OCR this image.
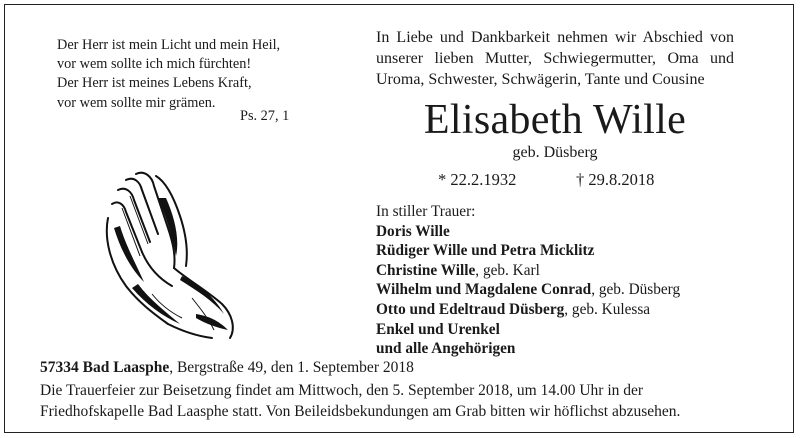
Der Herr ist mein Licht und mein Heil,
vor wem sollte ich mich fürchten!
Der Herr ist meines Lebens Kraft,
vor wem sollte mir grämen.
Ps. 27, 1
In Liebe und Dankbarkeit nehmen wir Abschied von
unserer lieben Mutter, Schwiegermutter, Oma und
Uroma, Schwester, Schwägerin, Tante und Cousine
Elisabeth Wille
geb. Düsberg
* 22.2.1932	† 29.8.2018
In stiller Trauer:
Doris Wille
Rüdiger Wille und Petra Micklitz
Christine Wille, geb. Karl
Wilhelm und Magdalene Conrad, geb. Düsberg
Otto und Edeltraud Düsberg, geb. Kulessa
Enkel und Urenkel
und alle Angehörigen
57334 Bad Laasphe, Bergstraße 49, den 1. September 2018
Die Trauerfeier zur Beisetzung findet am Mittwoch, den 5. September 2018, um 14.00 Uhr in der
Friedhofskapelle Bad Laasphe statt. Von Beileidsbekundungen am Grab bitten wir höflichst abzusehen.
